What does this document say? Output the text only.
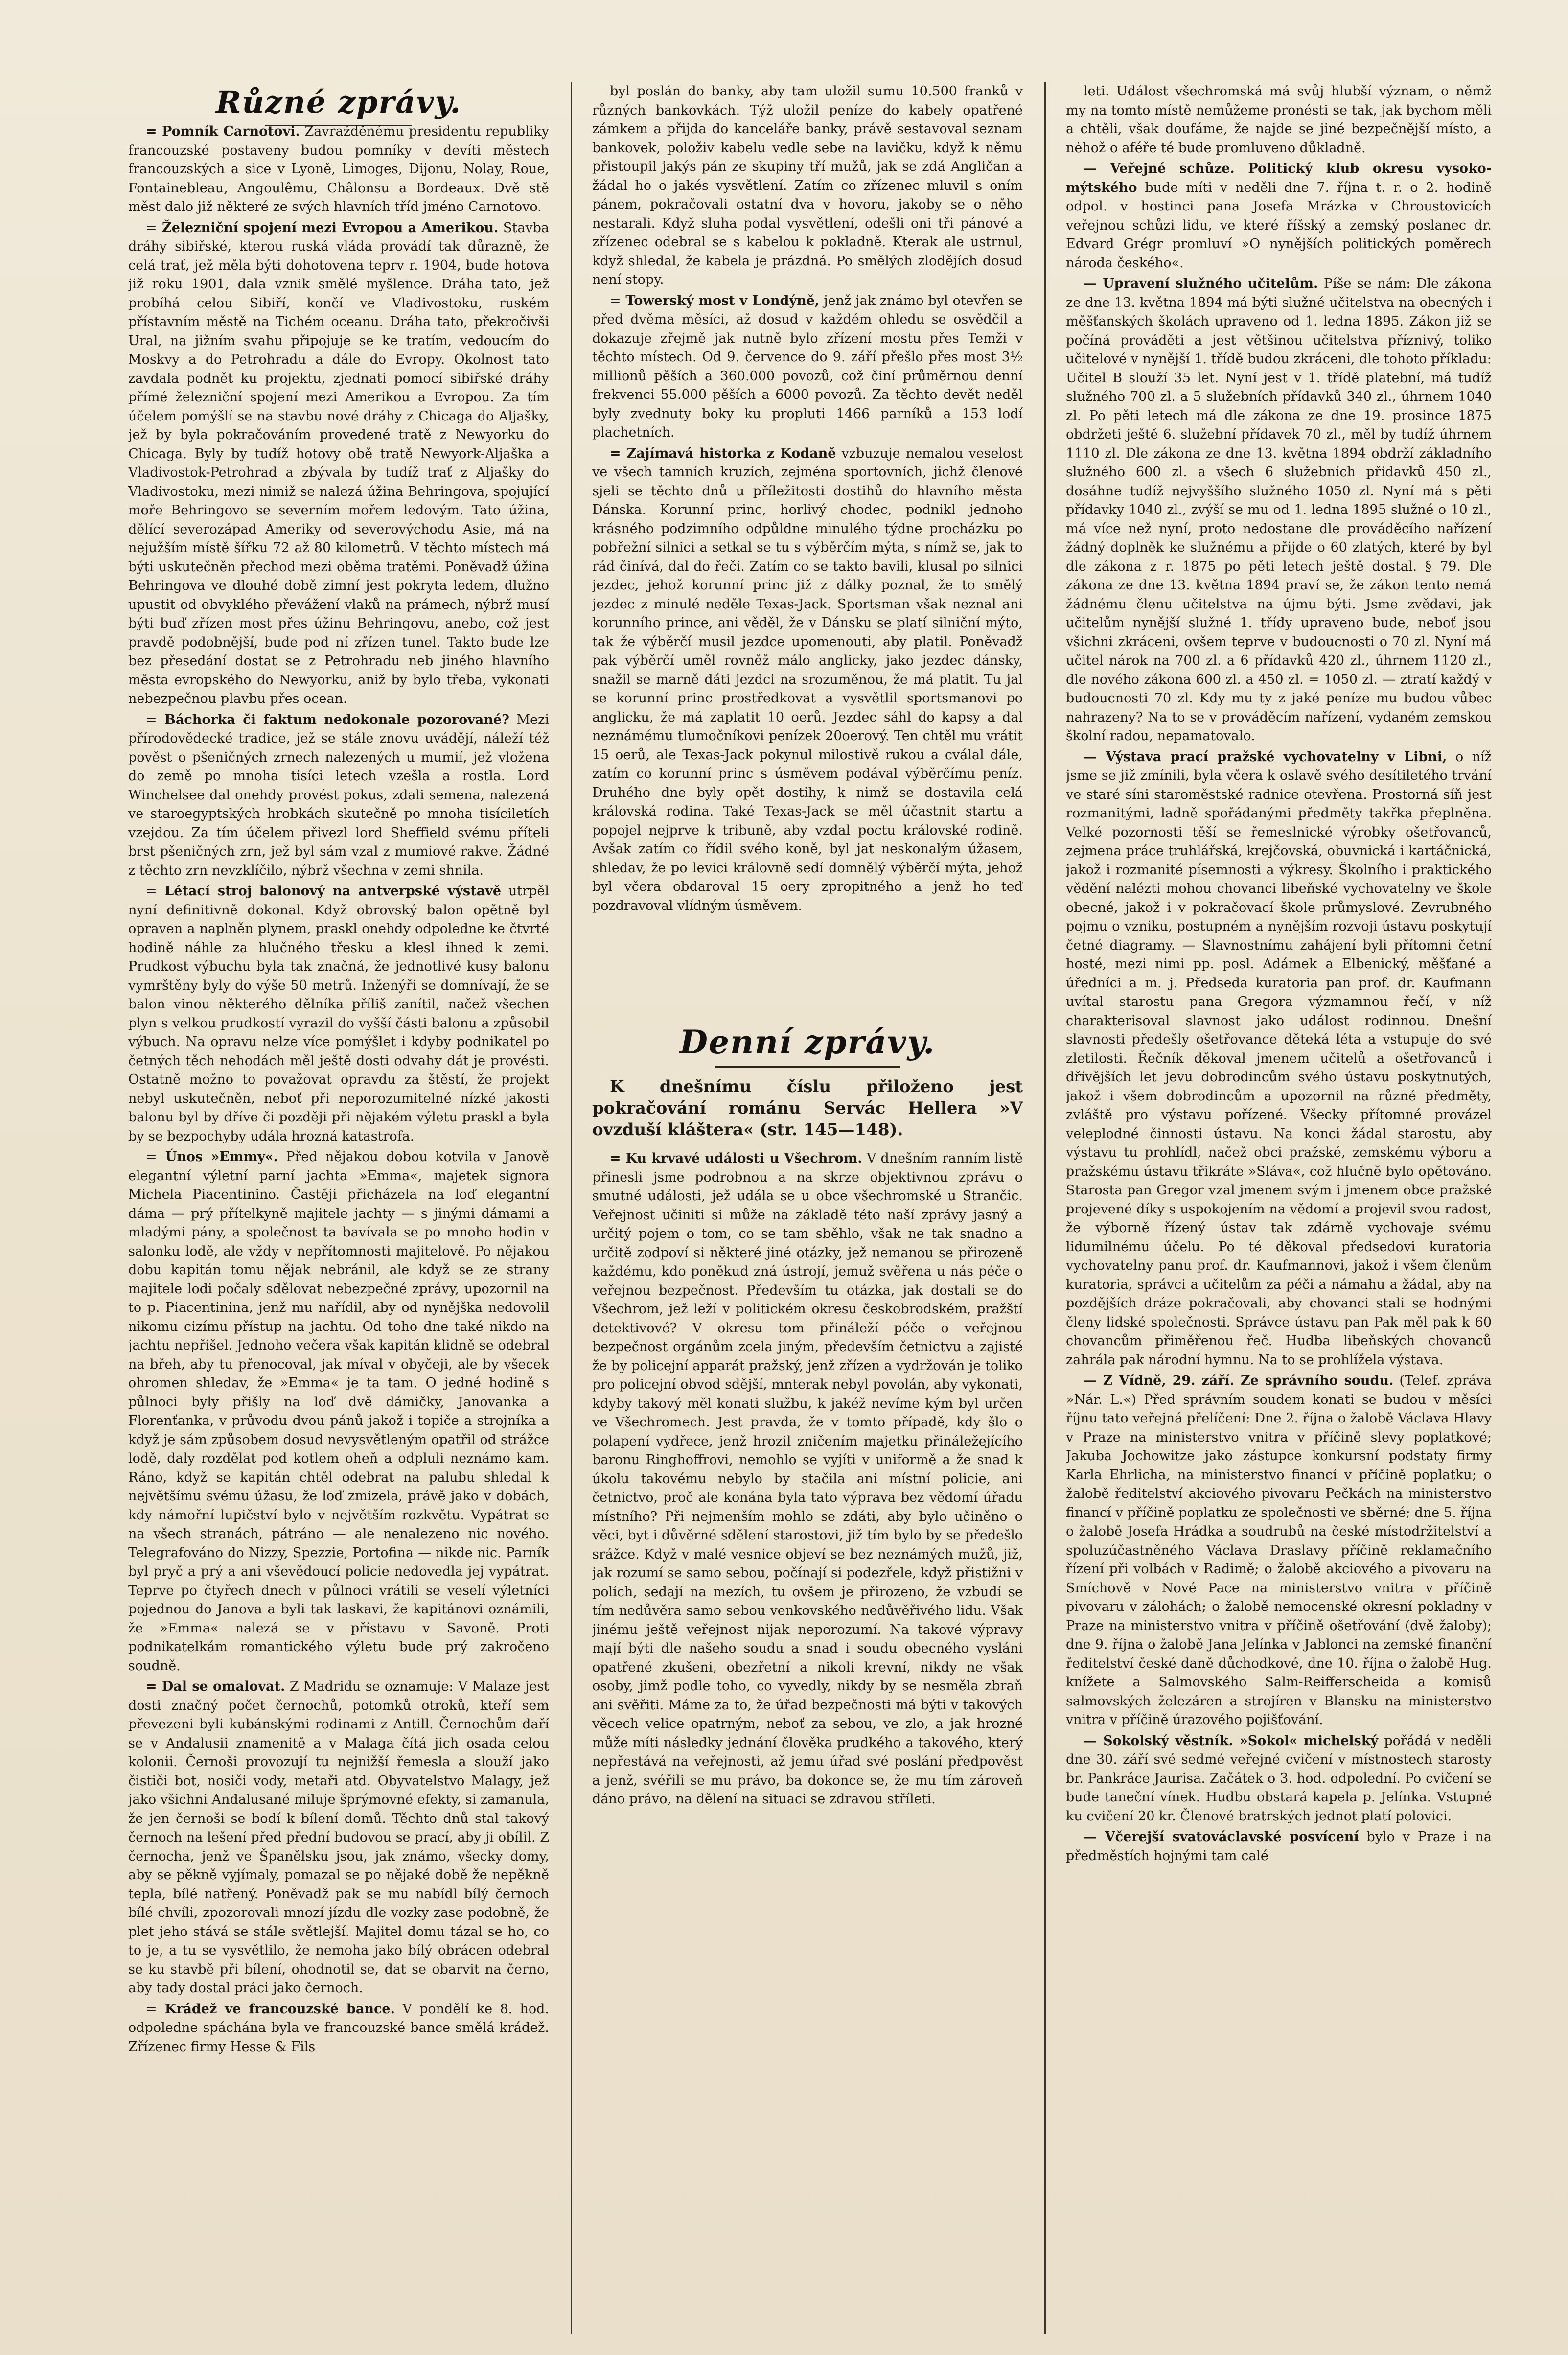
Různé zprávy.

= Pomník Carnotovi. Zavražděnému presidentu republiky francouzské postaveny budou pomníky v devíti městech francouzských a sice v Lyoně, Limoges, Dijonu, Nolay, Roue, Fontainebleau, Angoulêmu, Châlonsu a Bordeaux. Dvě stě měst dalo již některé ze svých hlavních tříd jméno Carnotovo.

= Železniční spojení mezi Evropou a Amerikou. Stavba dráhy sibiřské, kterou ruská vláda provádí tak důrazně, že celá trať, jež měla býti dohotovena teprv r. 1904, bude hotova již roku 1901, dala vznik smělé myšlence. Dráha tato, jež probíhá celou Sibiří, končí ve Vladivostoku, ruském přístavním městě na Tichém oceanu. Dráha tato, překročivši Ural, na jižním svahu připojuje se ke tratím, vedoucím do Moskvy a do Petrohradu a dále do Evropy. Okolnost tato zavdala podnět ku projektu, zjednati pomocí sibiřské dráhy přímé železniční spojení mezi Amerikou a Evropou. Za tím účelem pomýšlí se na stavbu nové dráhy z Chicaga do Aljašky, jež by byla pokračováním provedené tratě z Newyorku do Chicaga. Byly by tudíž hotovy obě tratě Newyork-Aljaška a Vladivostok-Petrohrad a zbývala by tudíž trať z Aljašky do Vladivostoku, mezi nimiž se nalezá úžina Behringova, spojující moře Behringovo se severním mořem ledovým. Tato úžina, dělící severozápad Ameriky od severovýchodu Asie, má na nejužším místě šířku 72 až 80 kilometrů. V těchto místech má býti uskutečněn přechod mezi oběma tratěmi. Poněvadž úžina Behringova ve dlouhé době zimní jest pokryta ledem, dlužno upustit od obvyklého převážení vlaků na prámech, nýbrž musí býti buď zřízen most přes úžinu Behringovu, anebo, což jest pravdě podobnější, bude pod ní zřízen tunel. Takto bude lze bez přesedání dostat se z Petrohradu neb jiného hlavního města evropského do Newyorku, aniž by bylo třeba, vykonati nebezpečnou plavbu přes ocean.

= Báchorka či faktum nedokonale pozorované? Mezi přírodovědecké tradice, jež se stále znovu uvádějí, náleží též pověst o pšeničných zrnech nalezených u mumií, jež vložena do země po mnoha tisíci letech vzešla a rostla. Lord Winchelsee dal onehdy provést pokus, zdali semena, nalezená ve staroegyptských hrobkách skutečně po mnoha tisíciletích vzejdou. Za tím účelem přivezl lord Sheffield svému příteli brst pšeničných zrn, jež byl sám vzal z mumiové rakve. Žádné z těchto zrn nevzklíčilo, nýbrž všechna v zemi shnila.

= Létací stroj balonový na antverpské výstavě utrpěl nyní definitivně dokonal. Když obrovský balon opětně byl opraven a naplněn plynem, praskl onehdy odpoledne ke čtvrté hodině náhle za hlučného třesku a klesl ihned k zemi. Prudkost výbuchu byla tak značná, že jednotlivé kusy balonu vymrštěny byly do výše 50 metrů. Inženýři se domnívají, že se balon vinou některého dělníka příliš zanítil, načež všechen plyn s velkou prudkostí vyrazil do vyšší části balonu a způsobil výbuch. Na opravu nelze více pomýšlet i kdyby podnikatel po četných těch nehodách měl ještě dosti odvahy dát je provésti. Ostatně možno to považovat opravdu za štěstí, že projekt nebyl uskutečněn, neboť při neporozumitelné nízké jakosti balonu byl by dříve či později při nějakém výletu praskl a byla by se bezpochyby udála hrozná katastrofa.

= Únos »Emmy«. Před nějakou dobou kotvila v Janově elegantní výletní parní jachta »Emma«, majetek signora Michela Piacentinino. Častěji přicházela na loď elegantní dáma — prý přítelkyně majitele jachty — s jinými dámami a mladými pány, a společnost ta bavívala se po mnoho hodin v salonku lodě, ale vždy v nepřítomnosti majitelově. Po nějakou dobu kapitán tomu nějak nebránil, ale když se ze strany majitele lodi počaly sdělovat nebezpečné zprávy, upozornil na to p. Piacentinina, jenž mu nařídil, aby od nynějška nedovolil nikomu cizímu přístup na jachtu. Od toho dne také nikdo na jachtu nepřišel. Jednoho večera však kapitán klidně se odebral na břeh, aby tu přenocoval, jak míval v obyčeji, ale by všecek ohromen shledav, že »Emma« je ta tam. O jedné hodině s půlnoci byly přišly na loď dvě dámičky, Janovanka a Florenťanka, v průvodu dvou pánů jakož i topiče a strojníka a když je sám způsobem dosud nevysvětleným opatřil od strážce lodě, daly rozdělat pod kotlem oheň a odpluli neznámo kam. Ráno, když se kapitán chtěl odebrat na palubu shledal k největšímu svému úžasu, že loď zmizela, právě jako v dobách, kdy námořní lupičství bylo v největším rozkvětu. Vypátrat se na všech stranách, pátráno — ale nenalezeno nic nového. Telegrafováno do Nizzy, Spezzie, Portofina — nikde nic. Parník byl pryč a prý a ani vševědoucí policie nedovedla jej vypátrat. Teprve po čtyřech dnech v půlnoci vrátili se veselí výletníci pojednou do Janova a byli tak laskavi, že kapitánovi oznámili, že »Emma« nalezá se v přístavu v Savoně. Proti podnikatelkám romantického výletu bude prý zakročeno soudně.

= Dal se omalovat. Z Madridu se oznamuje: V Malaze jest dosti značný počet černochů, potomků otroků, kteří sem převezeni byli kubánskými rodinami z Antill. Černochům daří se v Andalusii znamenitě a v Malaga čítá jich osada celou kolonii. Černoši provozují tu nejnižší řemesla a slouží jako čističi bot, nosiči vody, metaři atd. Obyvatelstvo Malagy, jež jako všichni Andalusané miluje šprýmovné efekty, si zamanula, že jen černoši se bodí k bílení domů. Těchto dnů stal takový černoch na lešení před přední budovou se prací, aby ji obílil. Z černocha, jenž ve Španělsku jsou, jak známo, všecky domy, aby se pěkně vyjímaly, pomazal se po nějaké době že nepěkně tepla, bílé natřený. Poněvadž pak se mu nabídl bílý černoch bílé chvíli, zpozorovali mnozí jízdu dle vozky zase podobně, že plet jeho stává se stále světlejší. Majitel domu tázal se ho, co to je, a tu se vysvětlilo, že nemoha jako bílý obrácen odebral se ku stavbě při bílení, ohodnotil se, dat se obarvit na černo, aby tady dostal práci jako černoch.

= Krádež ve francouzské bance. V pondělí ke 8. hod. odpoledne spáchána byla ve francouzské bance smělá krádež. Zřízenec firmy Hesse & Fils

byl poslán do banky, aby tam uložil sumu 10.500 franků v různých bankovkách. Týž uložil peníze do kabely opatřené zámkem a přijda do kanceláře banky, právě sestavoval seznam bankovek, položiv kabelu vedle sebe na lavičku, když k němu přistoupil jakýs pán ze skupiny tří mužů, jak se zdá Angličan a žádal ho o jakés vysvětlení. Zatím co zřízenec mluvil s oním pánem, pokračovali ostatní dva v hovoru, jakoby se o něho nestarali. Když sluha podal vysvětlení, odešli oni tři pánové a zřízenec odebral se s kabelou k pokladně. Kterak ale ustrnul, když shledal, že kabela je prázdná. Po smělých zlodějích dosud není stopy.

= Towerský most v Londýně, jenž jak známo byl otevřen se před dvěma měsíci, až dosud v každém ohledu se osvědčil a dokazuje zřejmě jak nutně bylo zřízení mostu přes Temži v těchto místech. Od 9. července do 9. září přešlo přes most 3½ millionů pěších a 360.000 povozů, což činí průměrnou denní frekvenci 55.000 pěších a 6000 povozů. Za těchto devět neděl byly zvednuty boky ku propluti 1466 parníků a 153 lodí plachetních.

= Zajímavá historka z Kodaně vzbuzuje nemalou veselost ve všech tamních kruzích, zejména sportovních, jichž členové sjeli se těchto dnů u příležitosti dostihů do hlavního města Dánska. Korunní princ, horlivý chodec, podnikl jednoho krásného podzimního odpůldne minulého týdne procházku po pobřežní silnici a setkal se tu s výběrčím mýta, s nímž se, jak to rád činívá, dal do řeči. Zatím co se takto bavili, klusal po silnici jezdec, jehož korunní princ již z dálky poznal, že to smělý jezdec z minulé neděle Texas-Jack. Sportsman však neznal ani korunního prince, ani věděl, že v Dánsku se platí silniční mýto, tak že výběrčí musil jezdce upomenouti, aby platil. Poněvadž pak výběrčí uměl rovněž málo anglicky, jako jezdec dánsky, snažil se marně dáti jezdci na srozuměnou, že má platit. Tu jal se korunní princ prostředkovat a vysvětlil sportsmanovi po anglicku, že má zaplatit 10 oerů. Jezdec sáhl do kapsy a dal neznámému tlumočníkovi penízek 20oerový. Ten chtěl mu vrátit 15 oerů, ale Texas-Jack pokynul milostivě rukou a cválal dále, zatím co korunní princ s úsměvem podával výběrčímu peníz. Druhého dne byly opět dostihy, k nimž se dostavila celá královská rodina. Také Texas-Jack se měl účastnit startu a popojel nejprve k tribuně, aby vzdal poctu královské rodině. Avšak zatím co řídil svého koně, byl jat neskonalým úžasem, shledav, že po levici královně sedí domnělý výběrčí mýta, jehož byl včera obdaroval 15 oery zpropitného a jenž ho teď pozdravoval vlídným úsměvem.

K dnešnímu číslu přiloženo jest pokračování románu Servác Hellera »V ovzduší kláštera« (str. 145—148).

= Ku krvavé události u Všechrom. V dnešním ranním listě přinesli jsme podrobnou a na skrze objektivnou zprávu o smutné události, jež udála se u obce všechromské u Strančic. Veřejnost učiniti si může na základě této naší zprávy jasný a určitý pojem o tom, co se tam sběhlo, však ne tak snadno a určitě zodpoví si některé jiné otázky, jež nemanou se přirozeně každému, kdo poněkud zná ústrojí, jemuž svěřena u nás péče o veřejnou bezpečnost. Především tu otázka, jak dostali se do Všechrom, jež leží v politickém okresu českobrodském, pražští detektivové? V okresu tom přináleží péče o veřejnou bezpečnost orgánům zcela jiným, především četnictvu a zajisté že by policejní apparát pražský, jenž zřízen a vydržován je toliko pro policejní obvod sdější, mnterak nebyl povolán, aby vykonati, kdyby takový měl konati službu, k jakéž nevíme kým byl určen ve Všechromech. Jest pravda, že v tomto případě, kdy šlo o polapení vydřece, jenž hrozil zničením majetku přináležejícího baronu Ringhoffrovi, nemohlo se vyjíti v uniformě a že snad k úkolu takovému nebylo by stačila ani místní policie, ani četnictvo, proč ale konána byla tato výprava bez vědomí úřadu místního? Při nejmenším mohlo se zdáti, aby bylo učiněno o věci, byt i důvěrné sdělení starostovi, již tím bylo by se předešlo srážce. Když v malé vesnice objeví se bez neznámých mužů, již, jak rozumí se samo sebou, počínají si podezřele, když přistižni v polích, sedají na mezích, tu ovšem je přirozeno, že vzbudí se tím nedůvěra samo sebou venkovského nedůvěřivého lidu. Však jinému ještě veřejnost nijak neporozumí. Na takové výpravy mají býti dle našeho soudu a snad i soudu obecného vysláni opatřené zkušeni, obezřetní a nikoli krevní, nikdy ne však osoby, jimž podle toho, co vyvedly, nikdy by se nesměla zbraň ani svěřiti. Máme za to, že úřad bezpečnosti má býti v takových věcech velice opatrným, neboť za sebou, ve zlo, a jak hrozné může míti následky jednání člověka prudkého a takového, který nepřestává na veřejnosti, až jemu úřad své poslání předpověst a jenž, svéřili se mu právo, ba dokonce se, že mu tím zároveň dáno právo, na dělení na situaci se zdravou stříleti.

Denní zprávy.

leti. Událost všechromská má svůj hlubší význam, o němž my na tomto místě nemůžeme pronésti se tak, jak bychom měli a chtěli, však doufáme, že najde se jiné bezpečnější místo, a nėhož o aféře té bude promluveno důkladně.

— Veřejné schůze. Politický klub okresu vysoko-mýtského bude míti v neděli dne 7. října t. r. o 2. hodině odpol. v hostinci pana Josefa Mrázka v Chroustovicích veřejnou schůzi lidu, ve které říšský a zemský poslanec dr. Edvard Grégr promluví »O nynějších politických poměrech národa českého«.

— Upravení služného učitelům. Píše se nám: Dle zákona ze dne 13. května 1894 má býti služné učitelstva na obecných i měšťanských školách upraveno od 1. ledna 1895. Zákon již se počíná prováděti a jest většinou učitelstva příznivý, toliko učitelové v nynější 1. třídě budou zkráceni, dle tohoto příkladu: Učitel B slouží 35 let. Nyní jest v 1. třídě platební, má tudíž služného 700 zl. a 5 služebních přídavků 340 zl., úhrnem 1040 zl. Po pěti letech má dle zákona ze dne 19. prosince 1875 obdržeti ještě 6. služební přídavek 70 zl., měl by tudíž úhrnem 1110 zl. Dle zákona ze dne 13. května 1894 obdrží základního služného 600 zl. a všech 6 služebních přídavků 450 zl., dosáhne tudíž nejvyššího služného 1050 zl. Nyní má s pěti přídavky 1040 zl., zvýší se mu od 1. ledna 1895 služné o 10 zl., má více než nyní, proto nedostane dle prováděcího nařízení žádný doplněk ke služnému a přijde o 60 zlatých, které by byl dle zákona z r. 1875 po pěti letech ještě dostal. § 79. Dle zákona ze dne 13. května 1894 praví se, že zákon tento nemá žádnému členu učitelstva na újmu býti. Jsme zvědavi, jak učitelům nynější služné 1. třídy upraveno bude, neboť jsou všichni zkráceni, ovšem teprve v budoucnosti o 70 zl. Nyní má učitel nárok na 700 zl. a 6 přídavků 420 zl., úhrnem 1120 zl., dle nového zákona 600 zl. a 450 zl. = 1050 zl. — ztratí každý v budoucnosti 70 zl. Kdy mu ty z jaké peníze mu budou vůbec nahrazeny? Na to se v prováděcím nařízení, vydaném zemskou školní radou, nepamatovalo.

— Výstava prací pražské vychovatelny v Libni, o níž jsme se již zmínili, byla včera k oslavě svého desítiletého trvání ve staré síni staroměstské radnice otevřena. Prostorná síň jest rozmanitými, ladně spořádanými předměty takřka přeplněna. Velké pozornosti těší se řemeslnické výrobky ošetřovanců, zejmena práce truhlářská, krejčovská, obuvnická i kartáčnická, jakož i rozmanité písemnosti a výkresy. Školního i praktického vědění nalézti mohou chovanci libeňské vychovatelny ve škole obecné, jakož i v pokračovací škole průmyslové. Zevrubného pojmu o vzniku, postupném a nynějším rozvoji ústavu poskytují četné diagramy. — Slavnostnímu zahájení byli přítomni četní hosté, mezi nimi pp. posl. Adámek a Elbenický, měšťané a úředníci a m. j. Předseda kuratoria pan prof. dr. Kaufmann uvítal starostu pana Gregora výzmamnou řečí, v níž charakterisoval slavnost jako událost rodinnou. Dnešní slavnosti předešly ošetřovance děteká léta a vstupuje do své zletilosti. Řečník děkoval jmenem učitelů a ošetřovanců i dřívějších let jevu dobrodincům svého ústavu poskytnutých, jakož i všem dobrodincům a upozornil na různé předměty, zvláště pro výstavu pořízené. Všecky přítomné provázel veleplodné činnosti ústavu. Na konci žádal starostu, aby výstavu tu prohlídl, načež obci pražské, zemskému výboru a pražskému ústavu třikráte »Sláva«, což hlučně bylo opětováno. Starosta pan Gregor vzal jmenem svým i jmenem obce pražské projevené díky s uspokojením na vědomí a projevil svou radost, že výborně řízený ústav tak zdárně vychovaje svému lidumilnému účelu. Po té děkoval předsedovi kuratoria vychovatelny panu prof. dr. Kaufmannovi, jakož i všem členům kuratoria, správci a učitelům za péči a námahu a žádal, aby na pozdějších dráze pokračovali, aby chovanci stali se hodnými členy lidské společnosti. Správce ústavu pan Pak měl pak k 60 chovancům přiměřenou řeč. Hudba libeňských chovanců zahrála pak národní hymnu. Na to se prohlížela výstava.

— Z Vídně, 29. září. Ze správního soudu. (Telef. zpráva »Nár. L.«) Před správním soudem konati se budou v měsíci říjnu tato veřejná přelíčení: Dne 2. října o žalobě Václava Hlavy v Praze na ministerstvo vnitra v příčině slevy poplatkové; Jakuba Jochowitze jako zástupce konkursní podstaty firmy Karla Ehrlicha, na ministerstvo financí v příčině poplatku; o žalobě ředitelství akciového pivovaru Pečkách na ministerstvo financí v příčině poplatku ze společnosti ve sběrné; dne 5. října o žalobě Josefa Hrádka a soudrubů na české místodržitelství a spoluzúčastněného Václava Draslavy příčině reklamačního řízení při volbách v Radimě; o žalobě akciového a pivovaru na Smíchově v Nové Pace na ministerstvo vnitra v příčině pivovaru v zálohách; o žalobě nemocenské okresní pokladny v Praze na ministerstvo vnitra v příčině ošetřování (dvě žaloby); dne 9. října o žalobě Jana Jelínka v Jablonci na zemské finanční ředitelství české daně důchodkové, dne 10. října o žalobě Hug. knížete a Salmovského Salm-Reifferscheida a komisů salmovských železáren a strojíren v Blansku na ministerstvo vnitra v příčině úrazového pojišťování.

— Sokolský věstník. »Sokol« michelský pořádá v neděli dne 30. září své sedmé veřejné cvičení v místnostech starosty br. Pankráce Jaurisa. Začátek o 3. hod. odpolední. Po cvičení se bude taneční vínek. Hudbu obstará kapela p. Jelínka. Vstupné ku cvičení 20 kr. Členové bratrských jednot platí polovici.

— Včerejší svatováclavské posvícení bylo v Praze i na předměstích hojnými tam calé
